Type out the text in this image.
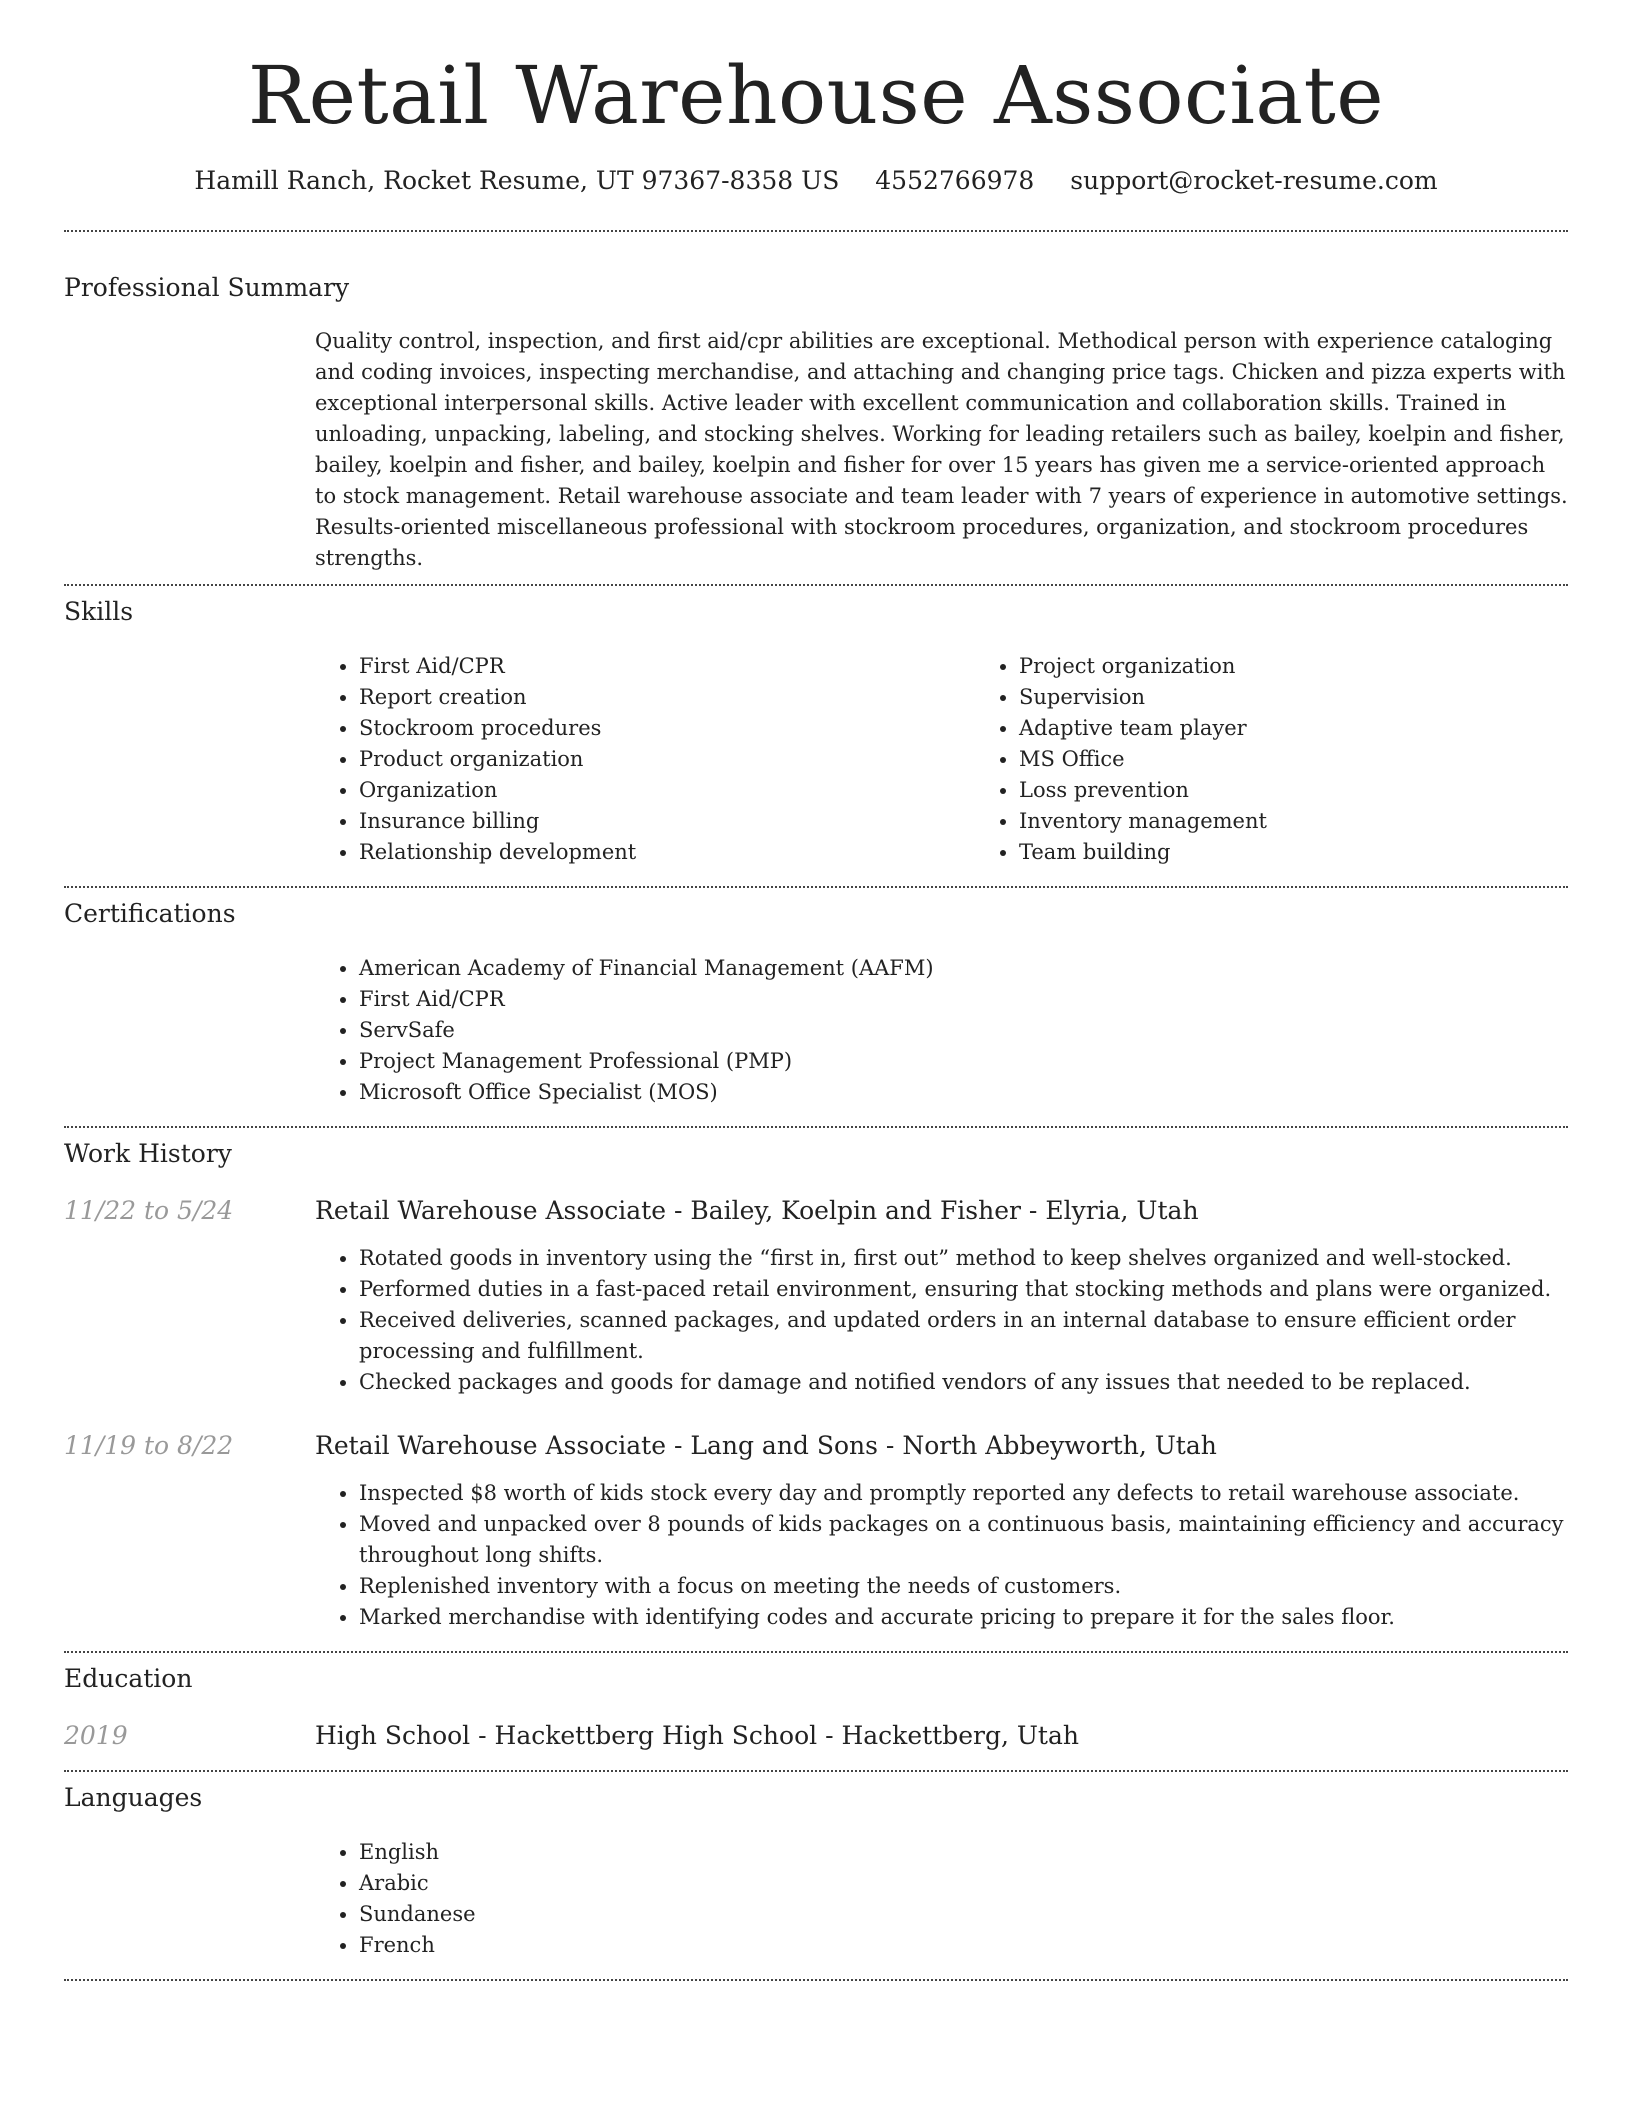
Retail Warehouse Associate
Hamill Ranch, Rocket Resume, UT 97367-8358 US 4552766978 support@rocket-resume.com
Professional Summary

Quality control, inspection, and first aid/cpr abilities are exceptional. Methodical person with experience cataloging and coding invoices, inspecting merchandise, and attaching and changing price tags. Chicken and pizza experts with exceptional interpersonal skills. Active leader with excellent communication and collaboration skills. Trained in unloading, unpacking, labeling, and stocking shelves. Working for leading retailers such as bailey, koelpin and fisher, bailey, koelpin and fisher, and bailey, koelpin and fisher for over 15 years has given me a service-oriented approach to stock management. Retail warehouse associate and team leader with 7 years of experience in automotive settings. Results-oriented miscellaneous professional with stockroom procedures, organization, and stockroom procedures strengths.

Skills
• First Aid/CPR
• Report creation
• Stockroom procedures
• Product organization
• Organization
• Insurance billing
• Relationship development
• Project organization
• Supervision
• Adaptive team player
• MS Office
• Loss prevention
• Inventory management
• Team building
Certifications
• American Academy of Financial Management (AAFM)
• First Aid/CPR
• ServSafe
• Project Management Professional (PMP)
• Microsoft Office Specialist (MOS)
Work History
11/22 to 5/24	Retail Warehouse Associate - Bailey, Koelpin and Fisher - Elyria, Utah
• Rotated goods in inventory using the “first in, first out” method to keep shelves organized and well-stocked.
• Performed duties in a fast-paced retail environment, ensuring that stocking methods and plans were organized.
• Received deliveries, scanned packages, and updated orders in an internal database to ensure efficient order processing and fulfillment.
• Checked packages and goods for damage and notified vendors of any issues that needed to be replaced.
11/19 to 8/22	Retail Warehouse Associate - Lang and Sons - North Abbeyworth, Utah
• Inspected $8 worth of kids stock every day and promptly reported any defects to retail warehouse associate.
• Moved and unpacked over 8 pounds of kids packages on a continuous basis, maintaining efficiency and accuracy throughout long shifts.
• Replenished inventory with a focus on meeting the needs of customers.
• Marked merchandise with identifying codes and accurate pricing to prepare it for the sales floor.
Education
2019	High School - Hackettberg High School - Hackettberg, Utah
Languages
• English
• Arabic
• Sundanese
• French
